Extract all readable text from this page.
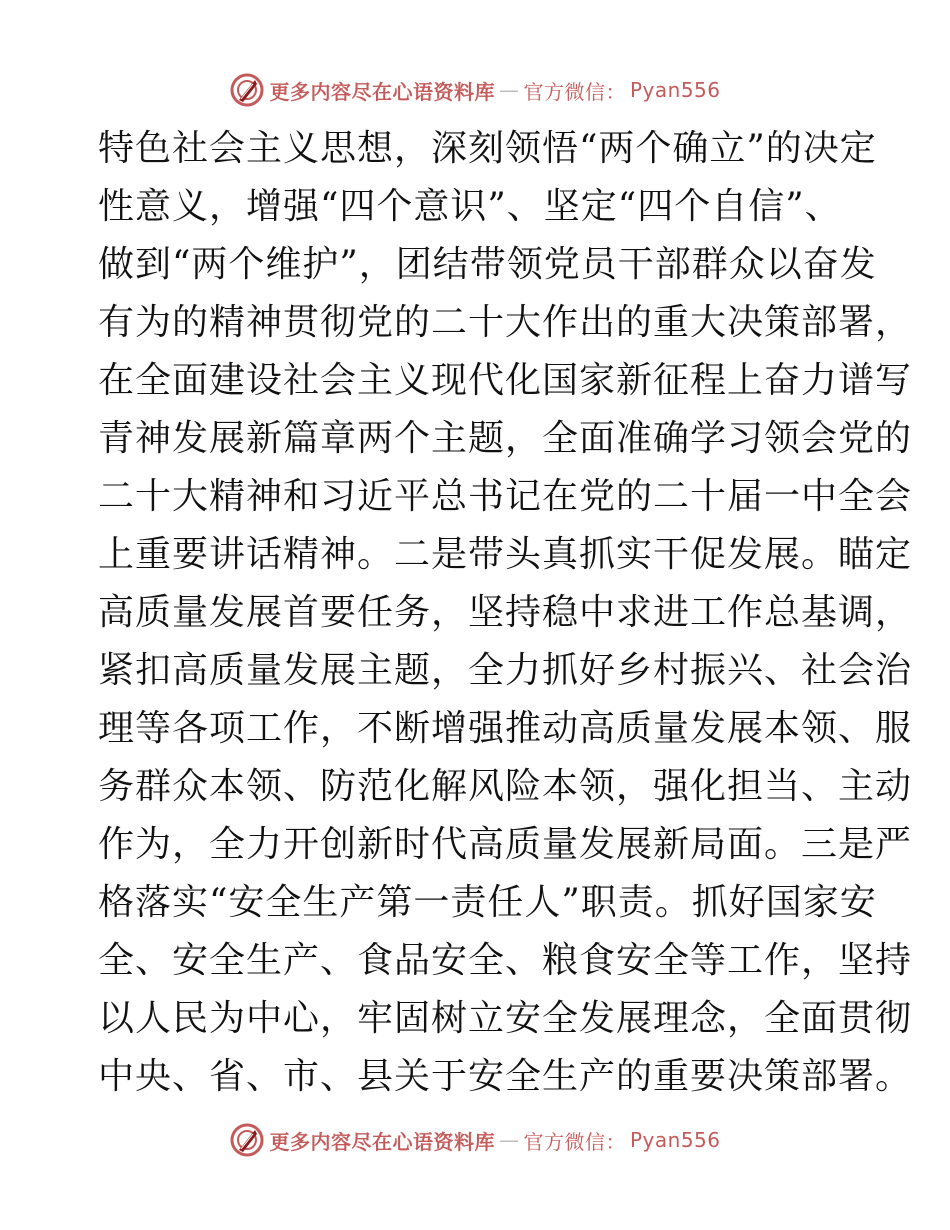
更多内容尽在心语资料库 — 官方微信： Pyan556
特色社会主义思想，深刻领悟“两个确立”的决定
性意义，增强“四个意识”、坚定“四个自信”、
做到“两个维护”，团结带领党员干部群众以奋发
有为的精神贯彻党的二十大作出的重大决策部署，
在全面建设社会主义现代化国家新征程上奋力谱写
青神发展新篇章两个主题，全面准确学习领会党的
二十大精神和习近平总书记在党的二十届一中全会
上重要讲话精神。二是带头真抓实干促发展。瞄定
高质量发展首要任务，坚持稳中求进工作总基调，
紧扣高质量发展主题，全力抓好乡村振兴、社会治
理等各项工作，不断增强推动高质量发展本领、服
务群众本领、防范化解风险本领，强化担当、主动
作为，全力开创新时代高质量发展新局面。三是严
格落实“安全生产第一责任人”职责。抓好国家安
全、安全生产、食品安全、粮食安全等工作，坚持
以人民为中心，牢固树立安全发展理念，全面贯彻
中央、省、市、县关于安全生产的重要决策部署。
更多内容尽在心语资料库 — 官方微信： Pyan556
